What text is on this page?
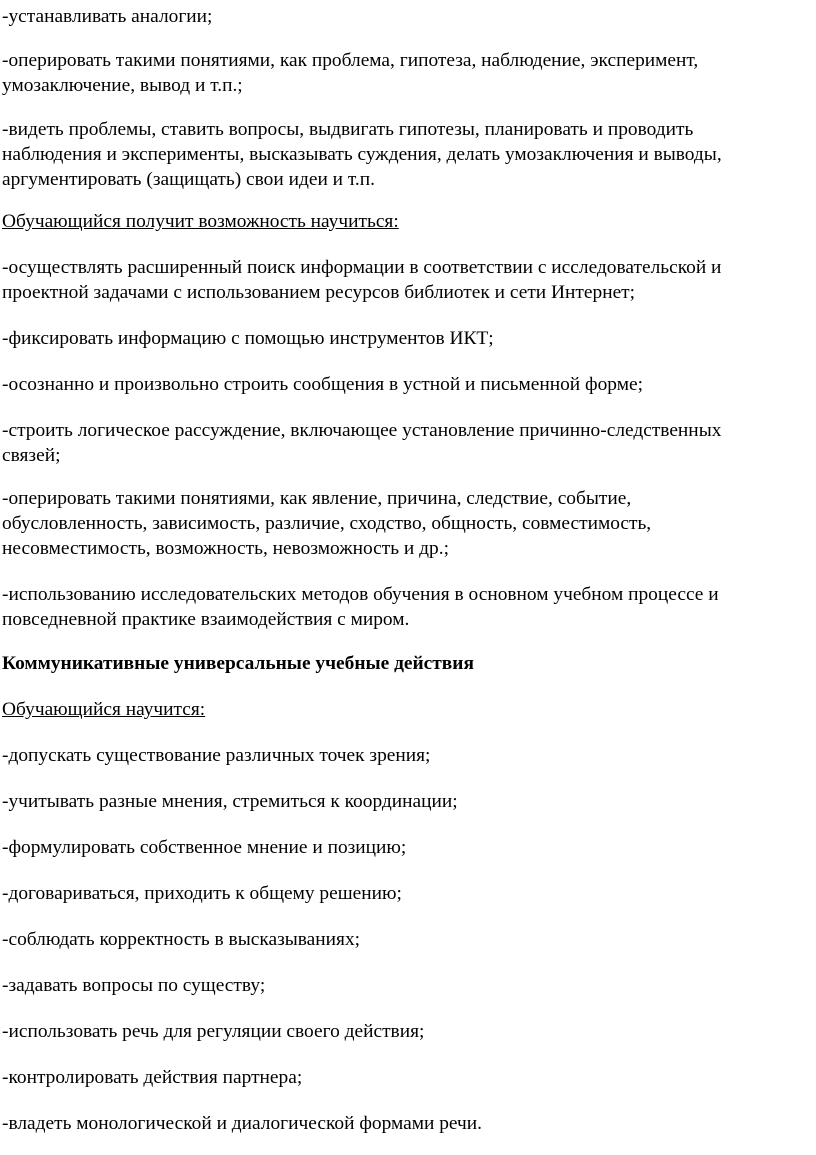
-устанавливать аналогии;

-оперировать такими понятиями, как проблема, гипотеза, наблюдение, эксперимент,
умозаключение, вывод и т.п.;

-видеть проблемы, ставить вопросы, выдвигать гипотезы, планировать и проводить
наблюдения и эксперименты, высказывать суждения, делать умозаключения и выводы,
аргументировать (защищать) свои идеи и т.п.

Обучающийся получит возможность научиться:

-осуществлять расширенный поиск информации в соответствии с исследовательской и
проектной задачами с использованием ресурсов библиотек и сети Интернет;

-фиксировать информацию с помощью инструментов ИКТ;

-осознанно и произвольно строить сообщения в устной и письменной форме;

-строить логическое рассуждение, включающее установление причинно-следственных
связей;

-оперировать такими понятиями, как явление, причина, следствие, событие,
обусловленность, зависимость, различие, сходство, общность, совместимость,
несовместимость, возможность, невозможность и др.;

-использованию исследовательских методов обучения в основном учебном процессе и
повседневной практике взаимодействия с миром.

Коммуникативные универсальные учебные действия

Обучающийся научится:

-допускать существование различных точек зрения;

-учитывать разные мнения, стремиться к координации;

-формулировать собственное мнение и позицию;

-договариваться, приходить к общему решению;

-соблюдать корректность в высказываниях;

-задавать вопросы по существу;

-использовать речь для регуляции своего действия;

-контролировать действия партнера;

-владеть монологической и диалогической формами речи.
